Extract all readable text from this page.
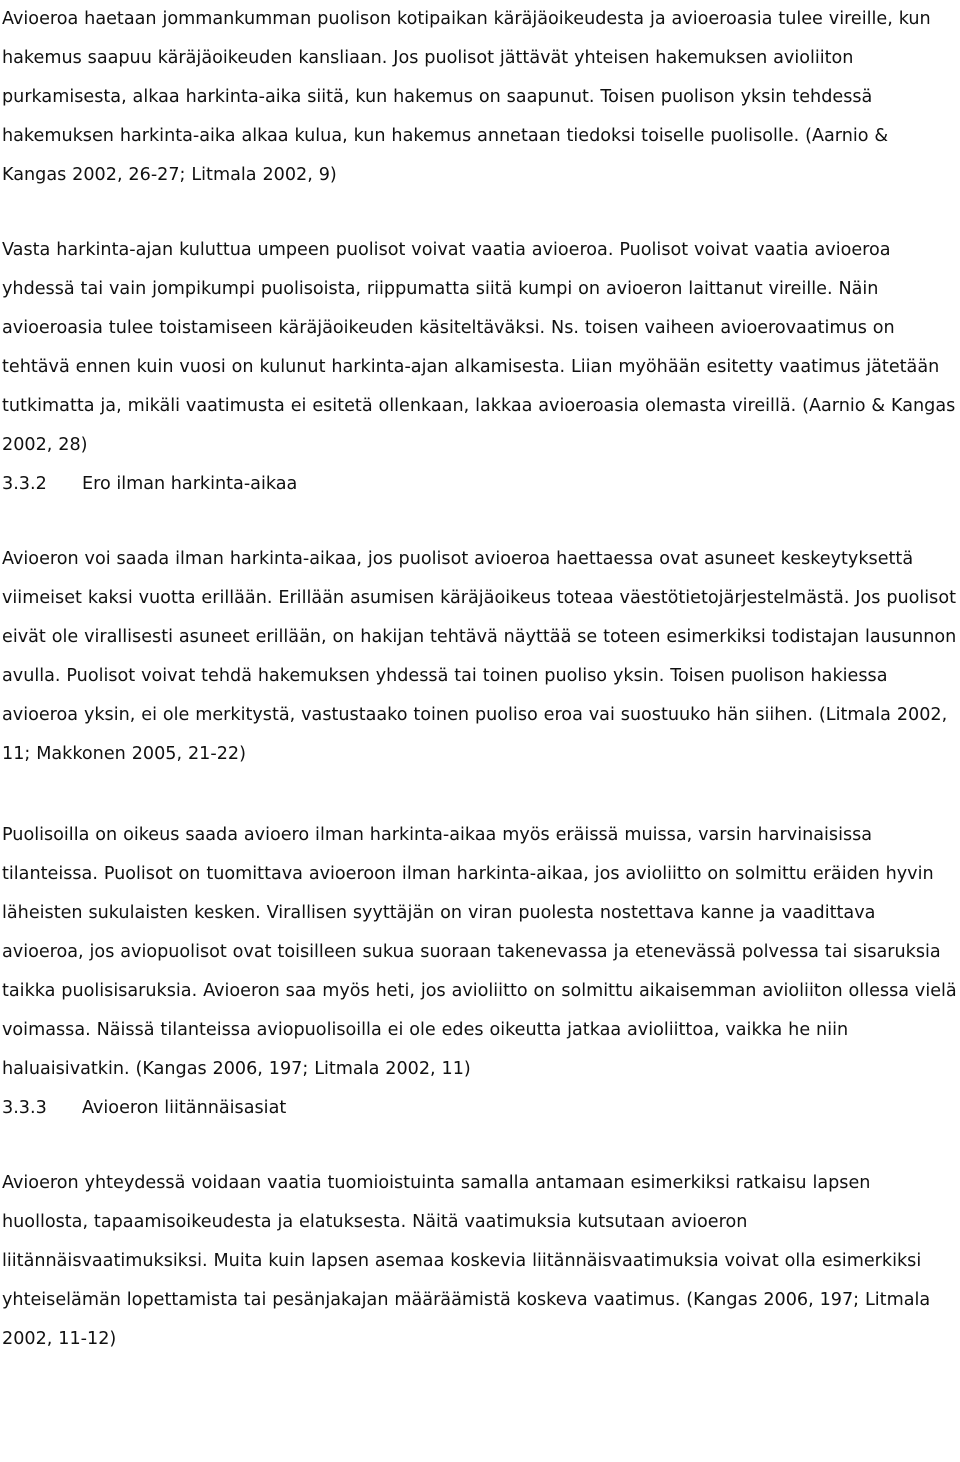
Avioeroa haetaan jommankumman puolison kotipaikan käräjäoikeudesta ja avioeroasia tulee vireille, kun hakemus saapuu käräjäoikeuden kansliaan. Jos puolisot jättävät yhteisen hakemuksen avioliiton purkamisesta, alkaa harkinta-aika siitä, kun hakemus on saapunut. Toisen puolison yksin tehdessä hakemuksen harkinta-aika alkaa kulua, kun hakemus annetaan tiedoksi toiselle puolisolle. (Aarnio & Kangas 2002, 26-27; Litmala 2002, 9)

Vasta harkinta-ajan kuluttua umpeen puolisot voivat vaatia avioeroa. Puolisot voivat vaatia avioeroa yhdessä tai vain jompikumpi puolisoista, riippumatta siitä kumpi on avioeron laittanut vireille. Näin avioeroasia tulee toistamiseen käräjäoikeuden käsiteltäväksi. Ns. toisen vaiheen avioerovaatimus on tehtävä ennen kuin vuosi on kulunut harkinta-ajan alkamisesta. Liian myöhään esitetty vaatimus jätetään tutkimatta ja, mikäli vaatimusta ei esitetä ollenkaan, lakkaa avioeroasia olemasta vireillä. (Aarnio & Kangas 2002, 28)

3.3.2	Ero ilman harkinta-aikaa

Avioeron voi saada ilman harkinta-aikaa, jos puolisot avioeroa haettaessa ovat asuneet keskeytyksettä viimeiset kaksi vuotta erillään. Erillään asumisen käräjäoikeus toteaa väestötietojärjestelmästä. Jos puolisot eivät ole virallisesti asuneet erillään, on hakijan tehtävä näyttää se toteen esimerkiksi todistajan lausunnon avulla. Puolisot voivat tehdä hakemuksen yhdessä tai toinen puoliso yksin. Toisen puolison hakiessa avioeroa yksin, ei ole merkitystä, vastustaako toinen puoliso eroa vai suostuuko hän siihen. (Litmala 2002, 11; Makkonen 2005, 21-22)

Puolisoilla on oikeus saada avioero ilman harkinta-aikaa myös eräissä muissa, varsin harvinaisissa tilanteissa. Puolisot on tuomittava avioeroon ilman harkinta-aikaa, jos avioliitto on solmittu eräiden hyvin läheisten sukulaisten kesken. Virallisen syyttäjän on viran puolesta nostettava kanne ja vaadittava avioeroa, jos aviopuolisot ovat toisilleen sukua suoraan takenevassa ja etenevässä polvessa tai sisaruksia taikka puolisisaruksia. Avioeron saa myös heti, jos avioliitto on solmittu aikaisemman avioliiton ollessa vielä voimassa. Näissä tilanteissa aviopuolisoilla ei ole edes oikeutta jatkaa avioliittoa, vaikka he niin haluaisivatkin. (Kangas 2006, 197; Litmala 2002, 11)

3.3.3	Avioeron liitännäisasiat

Avioeron yhteydessä voidaan vaatia tuomioistuinta samalla antamaan esimerkiksi ratkaisu lapsen huollosta, tapaamisoikeudesta ja elatuksesta. Näitä vaatimuksia kutsutaan avioeron liitännäisvaatimuksiksi. Muita kuin lapsen asemaa koskevia liitännäisvaatimuksia voivat olla esimerkiksi yhteiselämän lopettamista tai pesänjakajan määräämistä koskeva vaatimus. (Kangas 2006, 197; Litmala 2002, 11-12)
